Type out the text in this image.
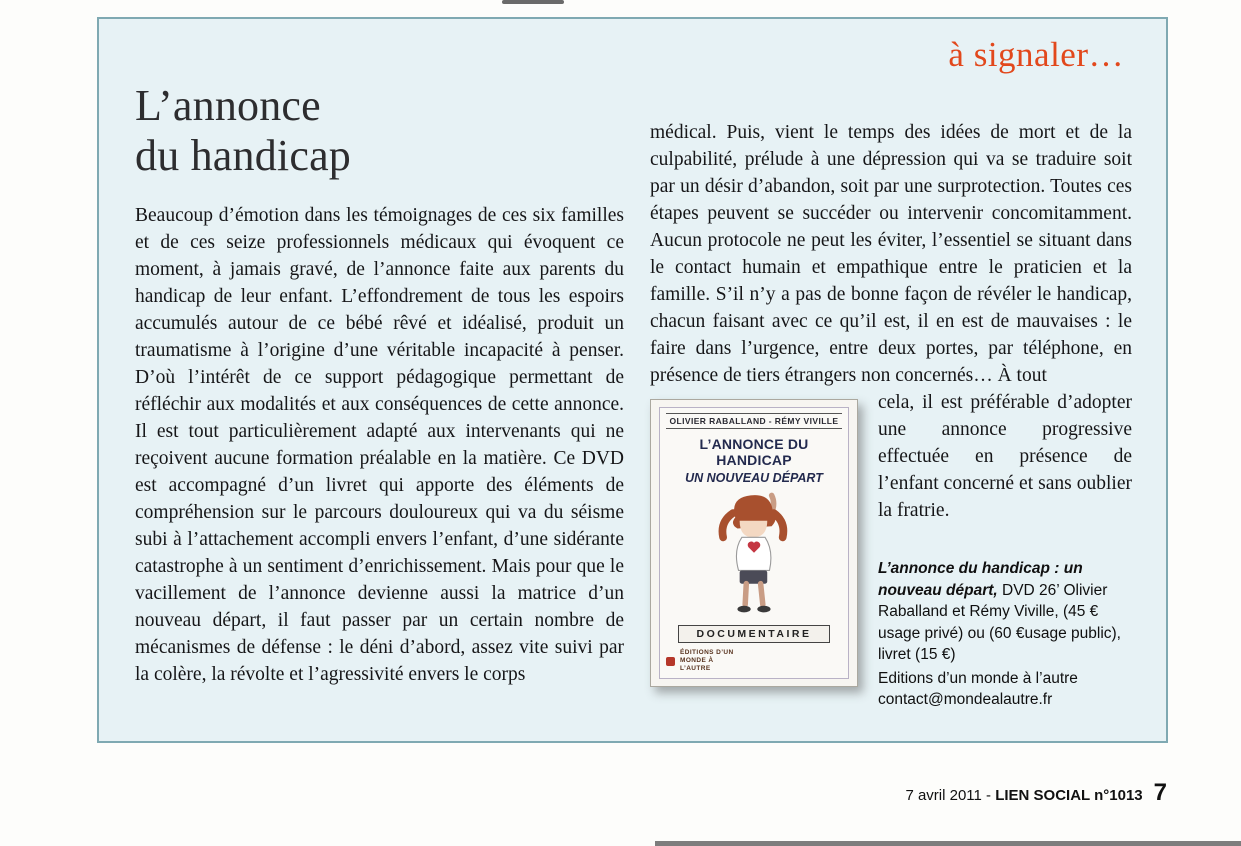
à signaler…
L’annonce
du handicap

Beaucoup d’émotion dans les témoignages de ces six familles et de ces seize professionnels médicaux qui évoquent ce moment, à jamais gravé, de l’annonce faite aux parents du handicap de leur enfant. L’effondrement de tous les espoirs accumulés autour de ce bébé rêvé et idéalisé, produit un traumatisme à l’origine d’une véritable incapacité à penser. D’où l’intérêt de ce support pédagogique permettant de réfléchir aux modalités et aux conséquences de cette annonce. Il est tout particulièrement adapté aux intervenants qui ne reçoivent aucune formation préalable en la matière. Ce DVD est accompagné d’un livret qui apporte des éléments de compréhension sur le parcours douloureux qui va du séisme subi à l’attachement accompli envers l’enfant, d’une sidérante catastrophe à un sentiment d’enrichissement. Mais pour que le vacillement de l’annonce devienne aussi la matrice d’un nouveau départ, il faut passer par un certain nombre de mécanismes de défense : le déni d’abord, assez vite suivi par la colère, la révolte et l’agressivité envers le corps

médical. Puis, vient le temps des idées de mort et de la culpabilité, prélude à une dépression qui va se traduire soit par un désir d’abandon, soit par une surprotection. Toutes ces étapes peuvent se succéder ou intervenir concomitamment. Aucun protocole ne peut les éviter, l’essentiel se situant dans le contact humain et empathique entre le praticien et la famille. S’il n’y a pas de bonne façon de révéler le handicap, chacun faisant avec ce qu’il est, il en est de mauvaises : le faire dans l’urgence, entre deux portes, par téléphone, en présence de tiers étrangers non concernés… À tout

OLIVIER RABALLAND - RÉMY VIVILLE
L’ANNONCE DU HANDICAP
UN NOUVEAU DÉPART
DOCUMENTAIRE
ÉDITIONS D’UN MONDE À L’AUTRE

cela, il est préférable d’adopter une annonce progressive effectuée en présence de l’enfant concerné et sans oublier la fratrie.

L’annonce du handicap : un nouveau départ, DVD 26’ Olivier Raballand et Rémy Viville, (45 € usage privé) ou (60 €usage public), livret (15 €)

Editions d’un monde à l’autre
contact@mondealautre.fr
7 avril 2011 - LIEN SOCIAL n°1013 7
